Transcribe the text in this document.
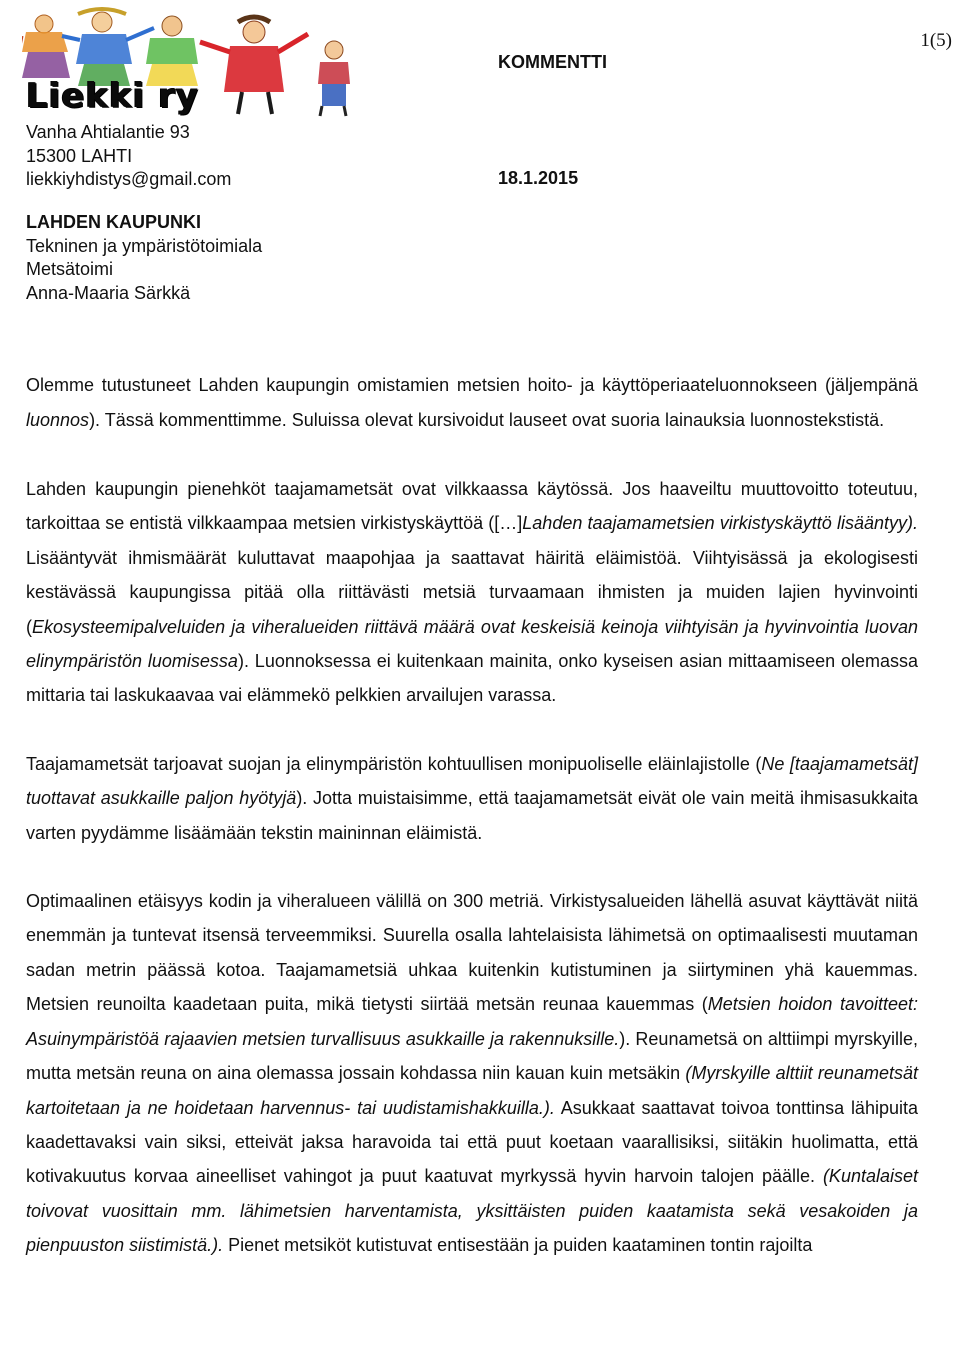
Liekki ry
1(5)
KOMMENTTI
18.1.2015
Vanha Ahtialantie 93
15300 LAHTI
liekkiyhdistys@gmail.com
LAHDEN KAUPUNKI
Tekninen ja ympäristötoimiala
Metsätoimi
Anna-Maaria Särkkä

Olemme tutustuneet Lahden kaupungin omistamien metsien hoito- ja käyttöperiaateluonnokseen (jäljempänä luonnos). Tässä kommenttimme. Suluissa olevat kursivoidut lauseet ovat suoria lainauksia luonnostekstistä.

Lahden kaupungin pienehköt taajamametsät ovat vilkkaassa käytössä. Jos haaveiltu muuttovoitto toteutuu, tarkoittaa se entistä vilkkaampaa metsien virkistyskäyttöä ([…]Lahden taajamametsien virkistyskäyttö lisääntyy). Lisääntyvät ihmismäärät kuluttavat maapohjaa ja saattavat häiritä eläimistöä. Viihtyisässä ja ekologisesti kestävässä kaupungissa pitää olla riittävästi metsiä turvaamaan ihmisten ja muiden lajien hyvinvointi (Ekosysteemipalveluiden ja viheralueiden riittävä määrä ovat keskeisiä keinoja viihtyisän ja hyvinvointia luovan elinympäristön luomisessa). Luonnoksessa ei kuitenkaan mainita, onko kyseisen asian mittaamiseen olemassa mittaria tai laskukaavaa vai elämmekö pelkkien arvailujen varassa.

Taajamametsät tarjoavat suojan ja elinympäristön kohtuullisen monipuoliselle eläinlajistolle (Ne [taajamametsät] tuottavat asukkaille paljon hyötyjä). Jotta muistaisimme, että taajamametsät eivät ole vain meitä ihmisasukkaita varten pyydämme lisäämään tekstin maininnan eläimistä.

Optimaalinen etäisyys kodin ja viheralueen välillä on 300 metriä. Virkistysalueiden lähellä asuvat käyttävät niitä enemmän ja tuntevat itsensä terveemmiksi. Suurella osalla lahtelaisista lähimetsä on optimaalisesti muutaman sadan metrin päässä kotoa. Taajamametsiä uhkaa kuitenkin kutistuminen ja siirtyminen yhä kauemmas. Metsien reunoilta kaadetaan puita, mikä tietysti siirtää metsän reunaa kauemmas (Metsien hoidon tavoitteet: Asuinympäristöä rajaavien metsien turvallisuus asukkaille ja rakennuksille.). Reunametsä on alttiimpi myrskyille, mutta metsän reuna on aina olemassa jossain kohdassa niin kauan kuin metsäkin (Myrskyille alttiit reunametsät kartoitetaan ja ne hoidetaan harvennus- tai uudistamishakkuilla.). Asukkaat saattavat toivoa tonttinsa lähipuita kaadettavaksi vain siksi, etteivät jaksa haravoida tai että puut koetaan vaarallisiksi, siitäkin huolimatta, että kotivakuutus korvaa aineelliset vahingot ja puut kaatuvat myrkyssä hyvin harvoin talojen päälle. (Kuntalaiset toivovat vuosittain mm. lähimetsien harventamista, yksittäisten puiden kaatamista sekä vesakoiden ja pienpuuston siistimistä.). Pienet metsiköt kutistuvat entisestään ja puiden kaataminen tontin rajoilta
